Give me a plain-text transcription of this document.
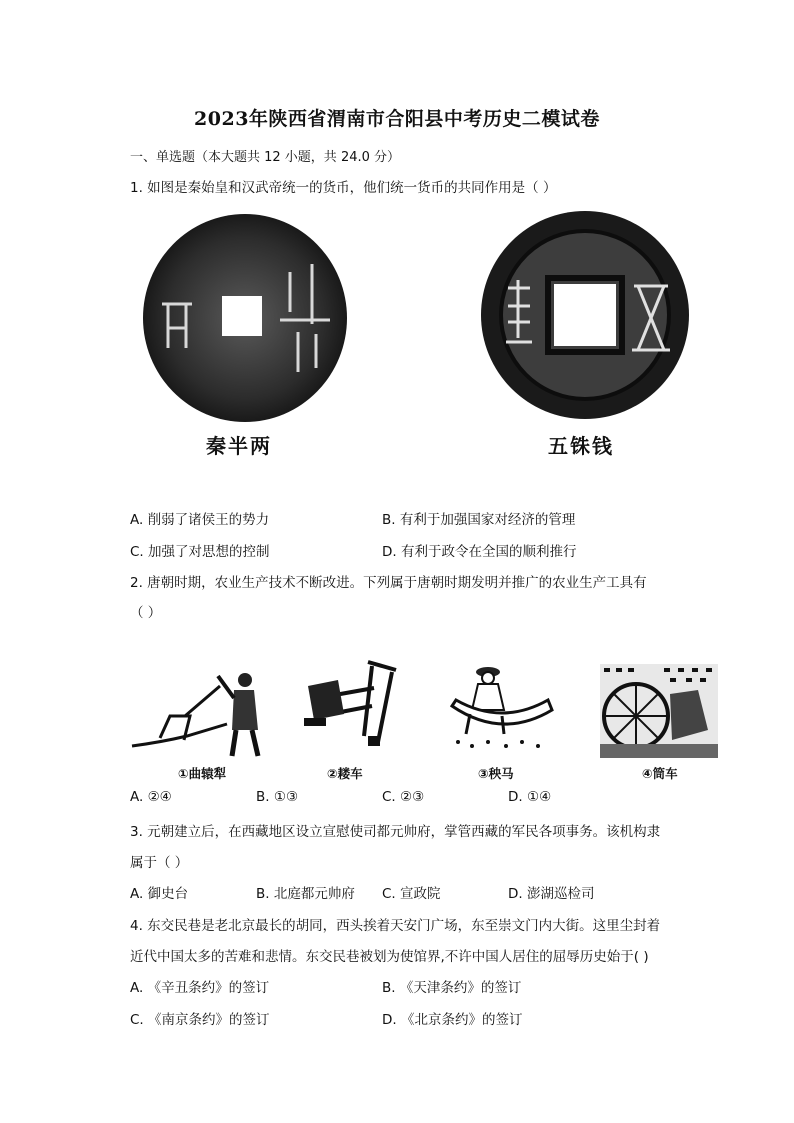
2023年陕西省渭南市合阳县中考历史二模试卷
一、单选题（本大题共 12 小题，共 24.0 分）
1. 如图是秦始皇和汉武帝统一的货币，他们统一货币的共同作用是（ ）
秦半两	五铢钱
A. 削弱了诸侯王的势力	B. 有利于加强国家对经济的管理
C. 加强了对思想的控制	D. 有利于政令在全国的顺利推行
2. 唐朝时期，农业生产技术不断改进。下列属于唐朝时期发明并推广的农业生产工具有
（ ）
①曲辕犁	②耧车	③秧马	④筒车
A. ②④	B. ①③	C. ②③	D. ①④
3. 元朝建立后，在西藏地区设立宣慰使司都元帅府，掌管西藏的军民各项事务。该机构隶
属于（ ）
A. 御史台	B. 北庭都元帅府 C. 宣政院	D. 澎湖巡检司
4. 东交民巷是老北京最长的胡同，西头挨着天安门广场，东至崇文门内大街。这里尘封着
近代中国太多的苦难和悲情。东交民巷被划为使馆界,不许中国人居住的屈辱历史始于( )
A. 《辛丑条约》的签订	B. 《天津条约》的签订
C. 《南京条约》的签订	D. 《北京条约》的签订
